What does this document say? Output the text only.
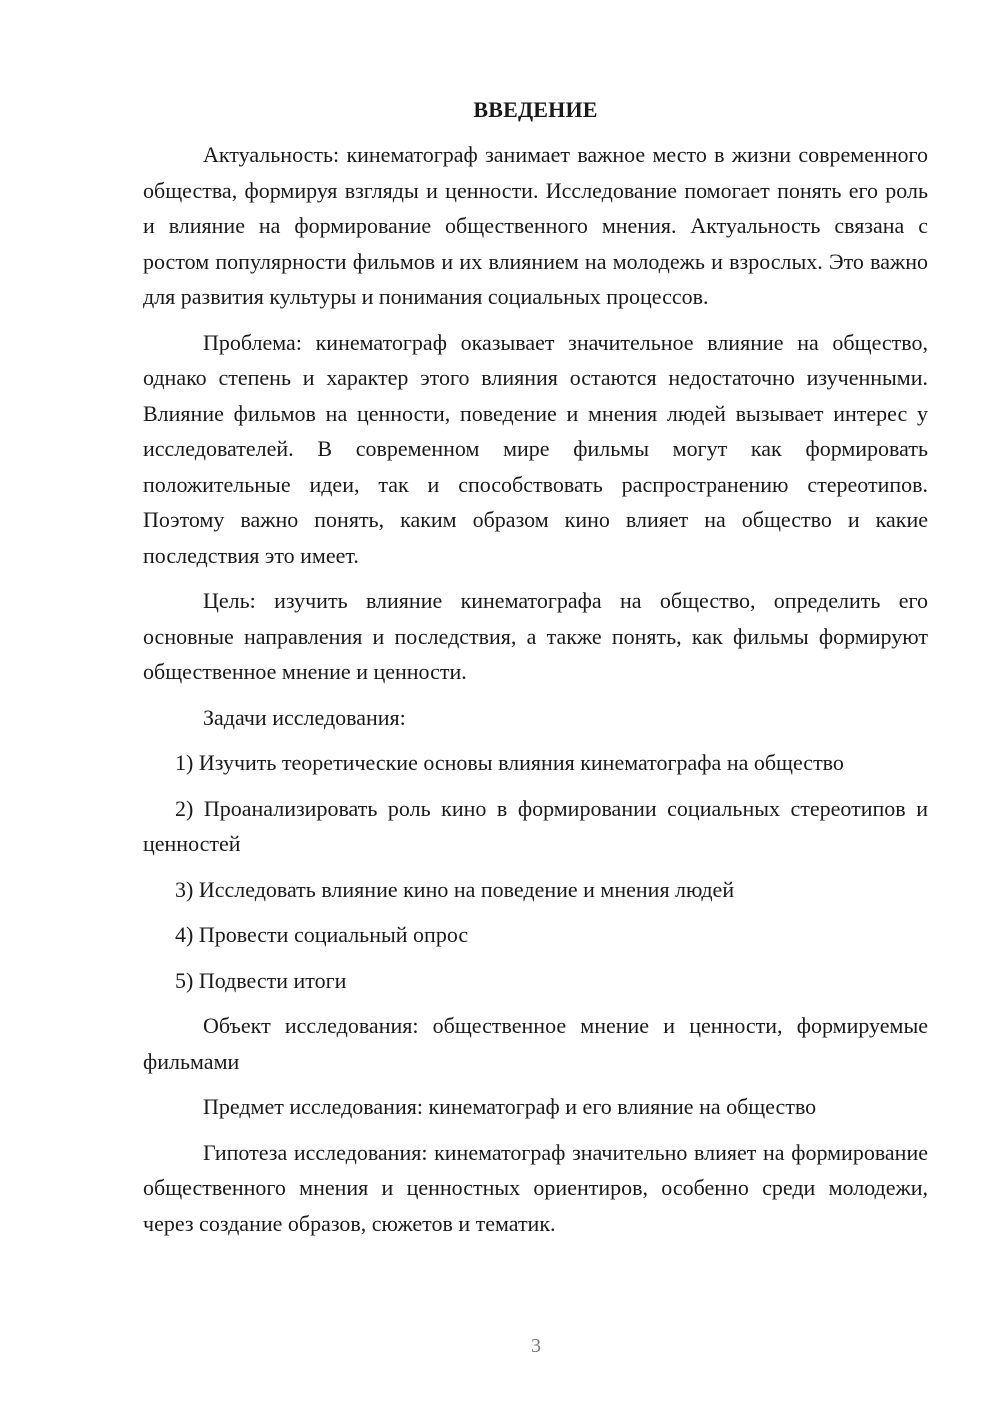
ВВЕДЕНИЕ

Актуальность: кинематограф занимает важное место в жизни современного общества, формируя взгляды и ценности. Исследование помогает понять его роль и влияние на формирование общественного мнения. Актуальность связана с ростом популярности фильмов и их влиянием на молодежь и взрослых. Это важно для развития культуры и понимания социальных процессов.

Проблема: кинематограф оказывает значительное влияние на общество, однако степень и характер этого влияния остаются недостаточно изученными. Влияние фильмов на ценности, поведение и мнения людей вызывает интерес у исследователей. В современном мире фильмы могут как формировать положительные идеи, так и способствовать распространению стереотипов. Поэтому важно понять, каким образом кино влияет на общество и какие последствия это имеет.

Цель: изучить влияние кинематографа на общество, определить его основные направления и последствия, а также понять, как фильмы формируют общественное мнение и ценности.

Задачи исследования:

1) Изучить теоретические основы влияния кинематографа на общество

2) Проанализировать роль кино в формировании социальных стереотипов и ценностей

3) Исследовать влияние кино на поведение и мнения людей

4) Провести социальный опрос

5) Подвести итоги

Объект исследования: общественное мнение и ценности, формируемые фильмами

Предмет исследования: кинематограф и его влияние на общество

Гипотеза исследования: кинематограф значительно влияет на формирование общественного мнения и ценностных ориентиров, особенно среди молодежи, через создание образов, сюжетов и тематик.

3
